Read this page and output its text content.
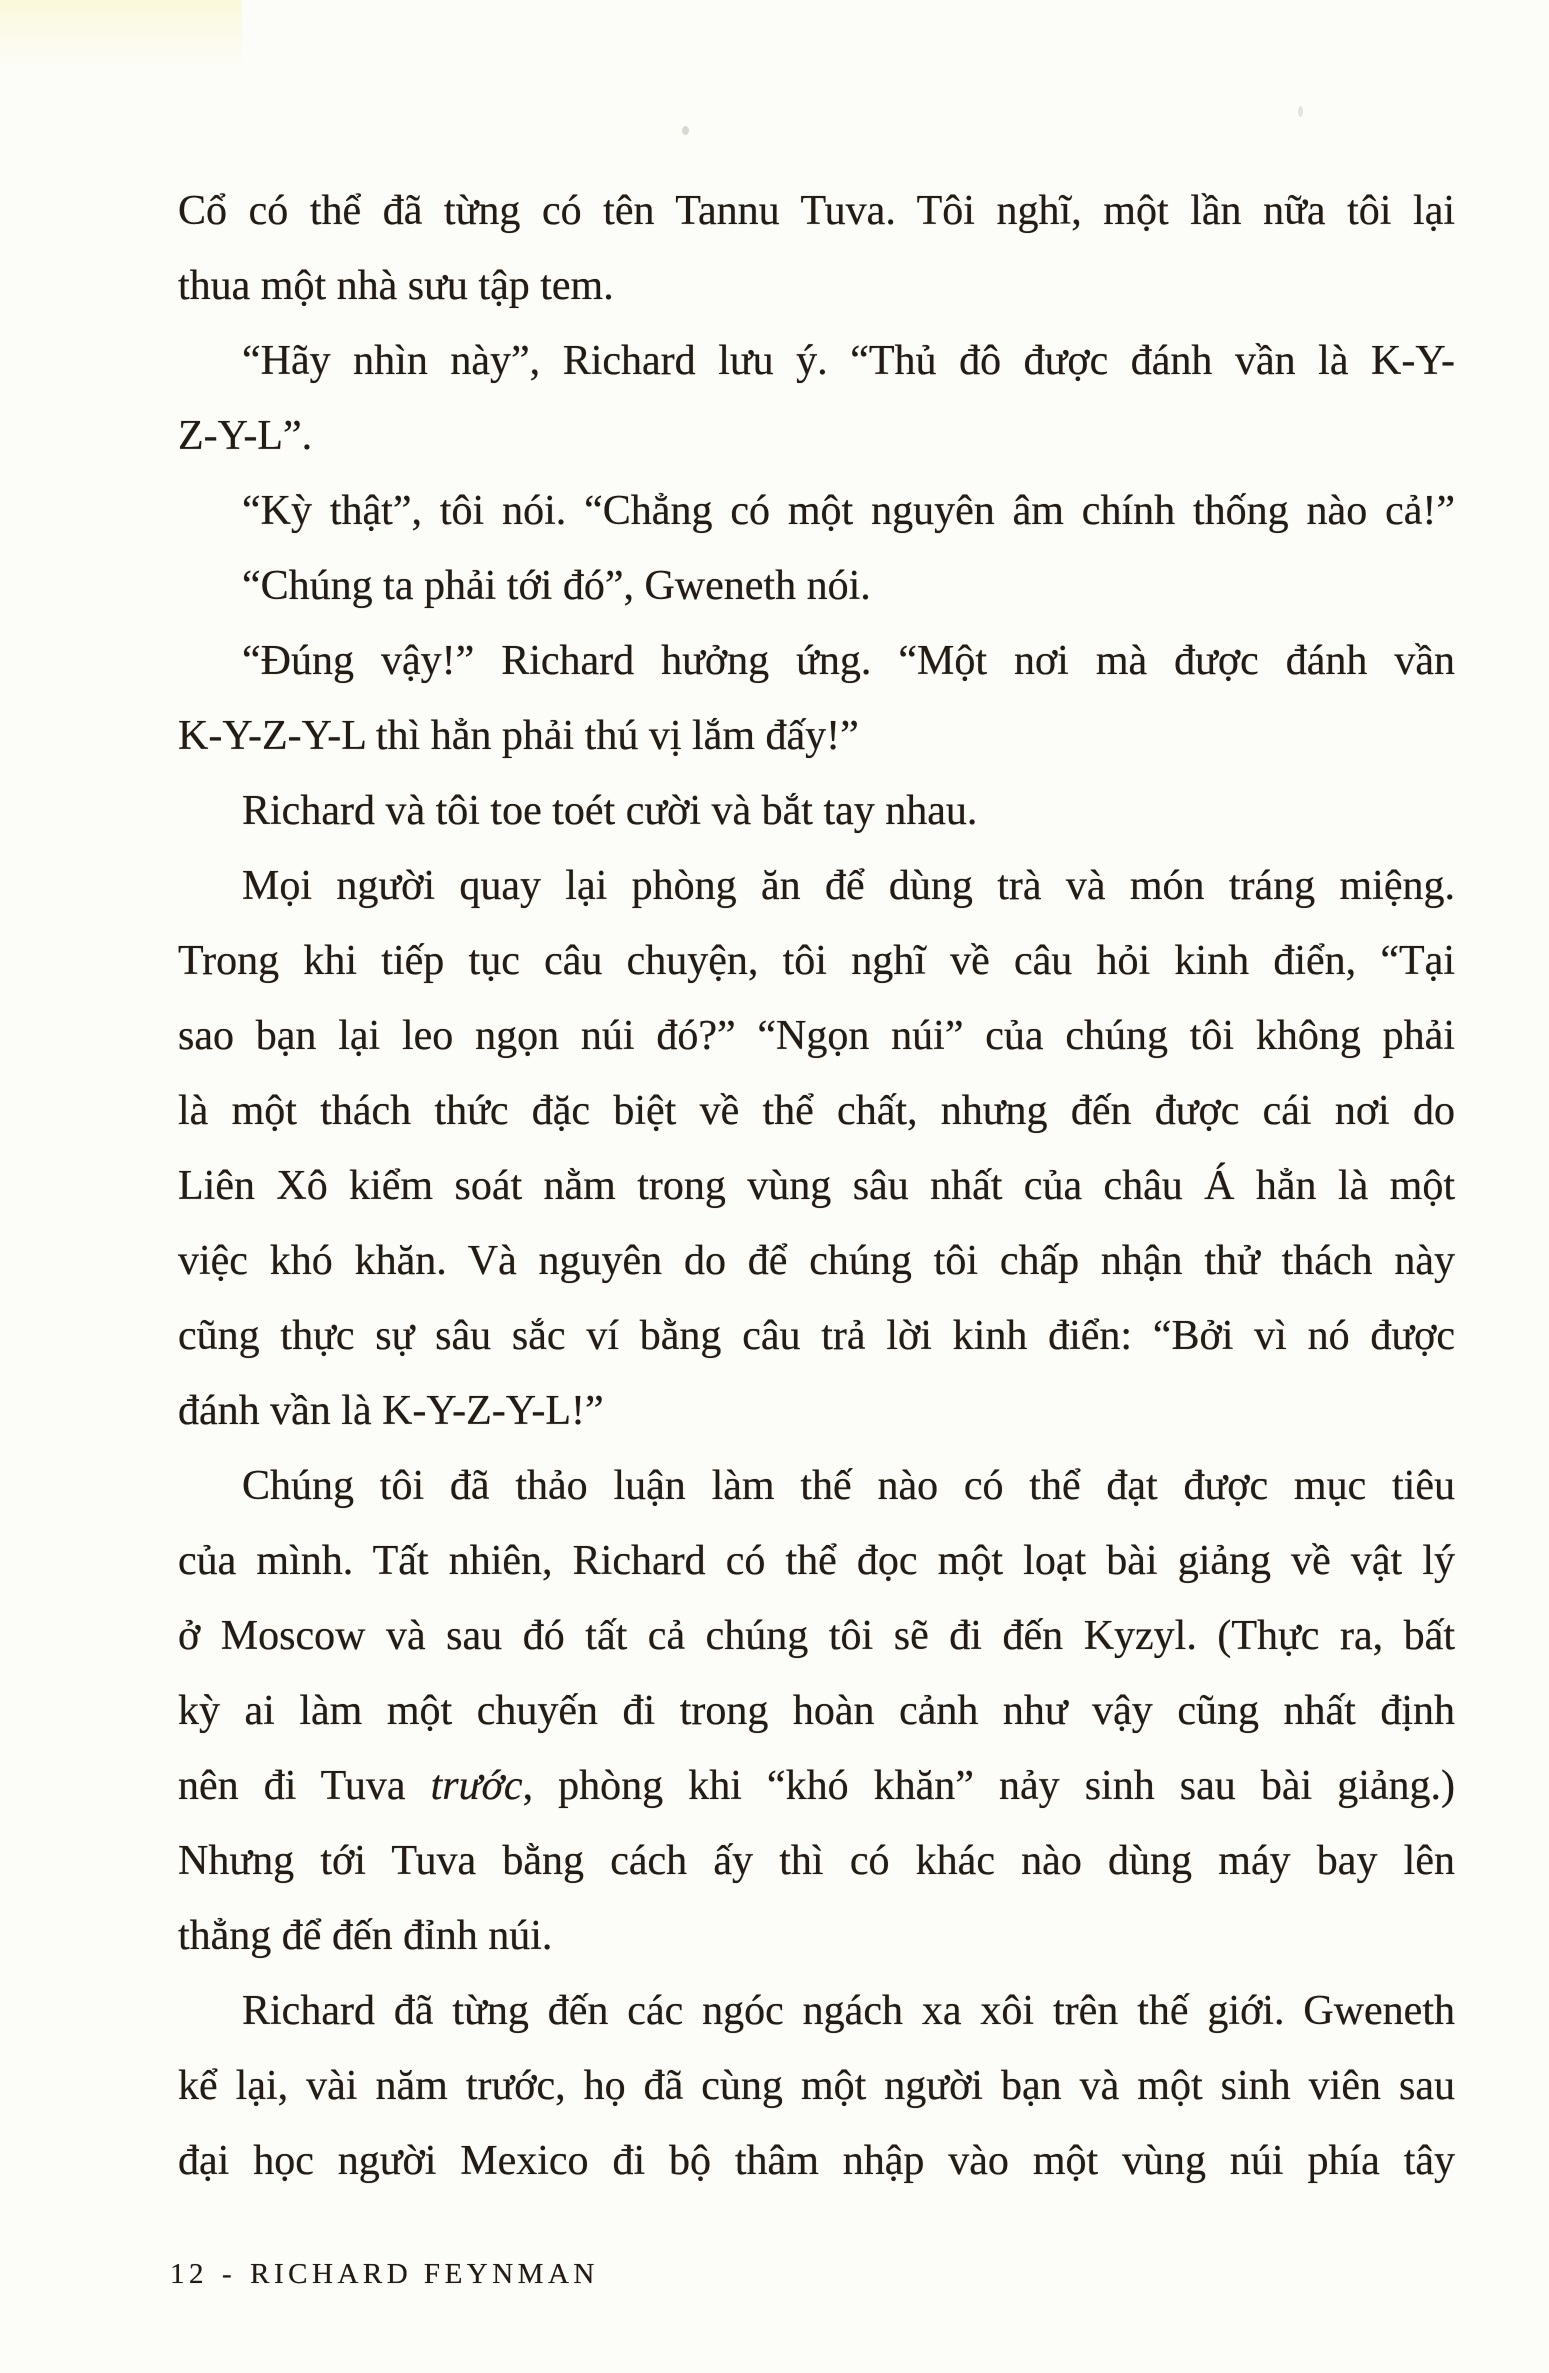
Cổ có thể đã từng có tên Tannu Tuva. Tôi nghĩ, một lần nữa tôi lại
thua một nhà sưu tập tem.
“Hãy nhìn này”, Richard lưu ý. “Thủ đô được đánh vần là K-Y-
Z-Y-L”.
“Kỳ thật”, tôi nói. “Chẳng có một nguyên âm chính thống nào cả!”
“Chúng ta phải tới đó”, Gweneth nói.
“Đúng vậy!” Richard hưởng ứng. “Một nơi mà được đánh vần
K-Y-Z-Y-L thì hẳn phải thú vị lắm đấy!”
Richard và tôi toe toét cười và bắt tay nhau.
Mọi người quay lại phòng ăn để dùng trà và món tráng miệng.
Trong khi tiếp tục câu chuyện, tôi nghĩ về câu hỏi kinh điển, “Tại
sao bạn lại leo ngọn núi đó?” “Ngọn núi” của chúng tôi không phải
là một thách thức đặc biệt về thể chất, nhưng đến được cái nơi do
Liên Xô kiểm soát nằm trong vùng sâu nhất của châu Á hẳn là một
việc khó khăn. Và nguyên do để chúng tôi chấp nhận thử thách này
cũng thực sự sâu sắc ví bằng câu trả lời kinh điển: “Bởi vì nó được
đánh vần là K-Y-Z-Y-L!”
Chúng tôi đã thảo luận làm thế nào có thể đạt được mục tiêu
của mình. Tất nhiên, Richard có thể đọc một loạt bài giảng về vật lý
ở Moscow và sau đó tất cả chúng tôi sẽ đi đến Kyzyl. (Thực ra, bất
kỳ ai làm một chuyến đi trong hoàn cảnh như vậy cũng nhất định
nên đi Tuva trước, phòng khi “khó khăn” nảy sinh sau bài giảng.)
Nhưng tới Tuva bằng cách ấy thì có khác nào dùng máy bay lên
thẳng để đến đỉnh núi.
Richard đã từng đến các ngóc ngách xa xôi trên thế giới. Gweneth
kể lại, vài năm trước, họ đã cùng một người bạn và một sinh viên sau
đại học người Mexico đi bộ thâm nhập vào một vùng núi phía tây
12 - RICHARD FEYNMAN
